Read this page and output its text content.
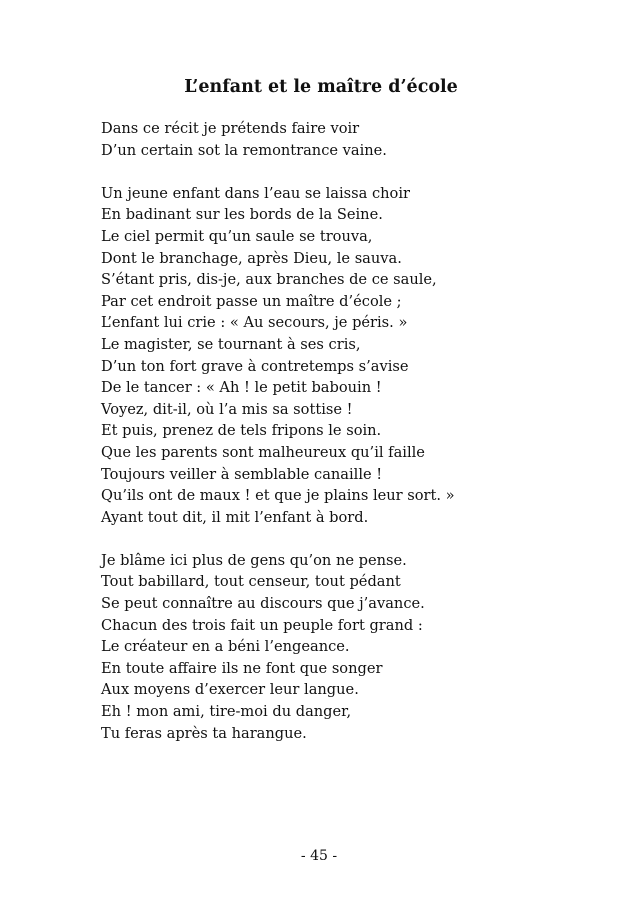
L’enfant et le maître d’école
Dans ce récit je prétends faire voir
D’un certain sot la remontrance vaine.
Un jeune enfant dans l’eau se laissa choir
En badinant sur les bords de la Seine.
Le ciel permit qu’un saule se trouva,
Dont le branchage, après Dieu, le sauva.
S’étant pris, dis-je, aux branches de ce saule,
Par cet endroit passe un maître d’école ;
L’enfant lui crie : « Au secours, je péris. »
Le magister, se tournant à ses cris,
D’un ton fort grave à contretemps s’avise
De le tancer : « Ah ! le petit babouin !
Voyez, dit-il, où l’a mis sa sottise !
Et puis, prenez de tels fripons le soin.
Que les parents sont malheureux qu’il faille
Toujours veiller à semblable canaille !
Qu’ils ont de maux ! et que je plains leur sort. »
Ayant tout dit, il mit l’enfant à bord.
Je blâme ici plus de gens qu’on ne pense.
Tout babillard, tout censeur, tout pédant
Se peut connaître au discours que j’avance.
Chacun des trois fait un peuple fort grand :
Le créateur en a béni l’engeance.
En toute affaire ils ne font que songer
Aux moyens d’exercer leur langue.
Eh ! mon ami, tire-moi du danger,
Tu feras après ta harangue.
- 45 -
